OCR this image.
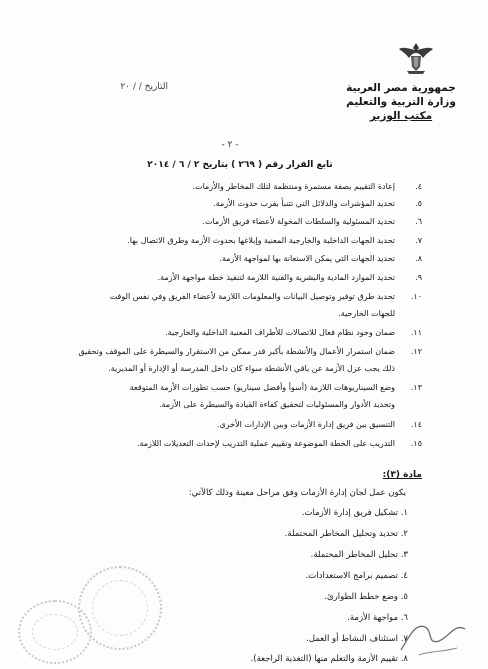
جمهورية مصر العربية
وزارة التربية والتعليم
مكتب الوزير
التاريخ / / ٢٠
- ٢ -
تابع القرار رقم ( ٢٦٩ ) بتاريخ ٢ / ٦ / ٢٠١٤
٤.إعادة التقييم بصفة مستمرة ومنتظمة لتلك المخاطر والأزمات.
٥.تحديد المؤشرات والدلائل التي تتنبأ بقرب حدوث الأزمة.
٦.تحديد المسئولية والسلطات المخولة لأعضاء فريق الأزمات.
٧.تحديد الجهات الداخلية والخارجية المعنية وإبلاغها بحدوث الأزمة وطرق الاتصال بها.
٨.تحديد الجهات التي يمكن الاستعانة بها لمواجهة الأزمة.
٩.تحديد الموارد المادية والبشرية والفنية اللازمة لتنفيذ خطة مواجهة الأزمة.
١٠.تحديد طرق توفير وتوصيل البيانات والمعلومات اللازمة لأعضاء الفريق وفي نفس الوقت
للجهات الخارجية.
١١.ضمان وجود نظام فعال للاتصالات للأطراف المعنية الداخلية والخارجية.
١٢.ضمان استمرار الأعمال والأنشطة بأكبر قدر ممكن من الاستقرار والسيطرة على الموقف وتحقيق
ذلك يجب عزل الأزمة عن باقي الأنشطة سواء كان داخل المدرسة أو الإدارة أو المديرية.
١٣.وضع السيناريوهات اللازمة (أسوأ وأفضل سيناريو) حسب تطورات الأزمة المتوقعة
وتحديد الأدوار والمسئوليات لتحقيق كفاءة القيادة والسيطرة على الأزمة.
١٤.التنسيق بين فريق إدارة الأزمات وبين الإدارات الأخرى.
١٥.التدريب على الخطة الموضوعة وتقييم عملية التدريب لإحداث التعديلات اللازمة.
مادة (٣):
يكون عمل لجان إدارة الأزمات وفق مراحل معينة وذلك كالآتي:
١. تشكيل فريق إدارة الأزمات.
٢. تحديد وتحليل المخاطر المحتملة.
٣. تحليل المخاطر المحتملة.
٤. تصميم برامج الاستعدادات.
٥. وضع خطط الطوارئ.
٦. مواجهة الأزمة.
٧. استئناف النشاط أو العمل.
٨. تقييم الأزمة والتعلم منها (التغذية الراجعة).
